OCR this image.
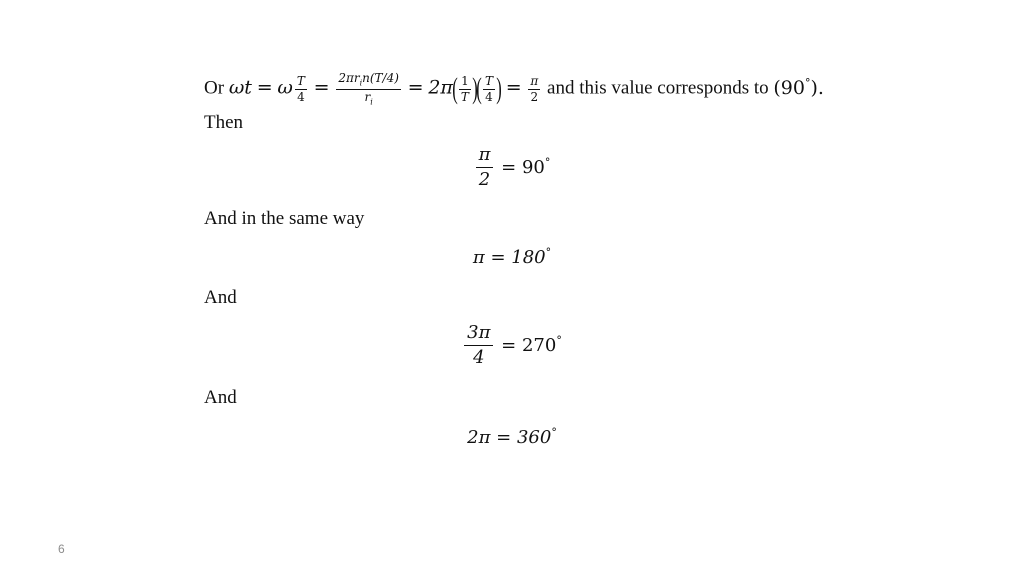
Or ωt = ω $\frac{T}{4} = \frac{2\pi r_in(T/4)}{r_i} = 2\pi( \frac{1}{T}$ )( $\frac{T}{4}$ ) = $\frac{\pi}{2}$ and this value corresponds to (90°).
Then
$\frac{\pi}{2} = 90^\circ$
And in the same way
π = 180°
And
$\frac{3\pi}{4} = 270^\circ$
And
2π = 360°
6
